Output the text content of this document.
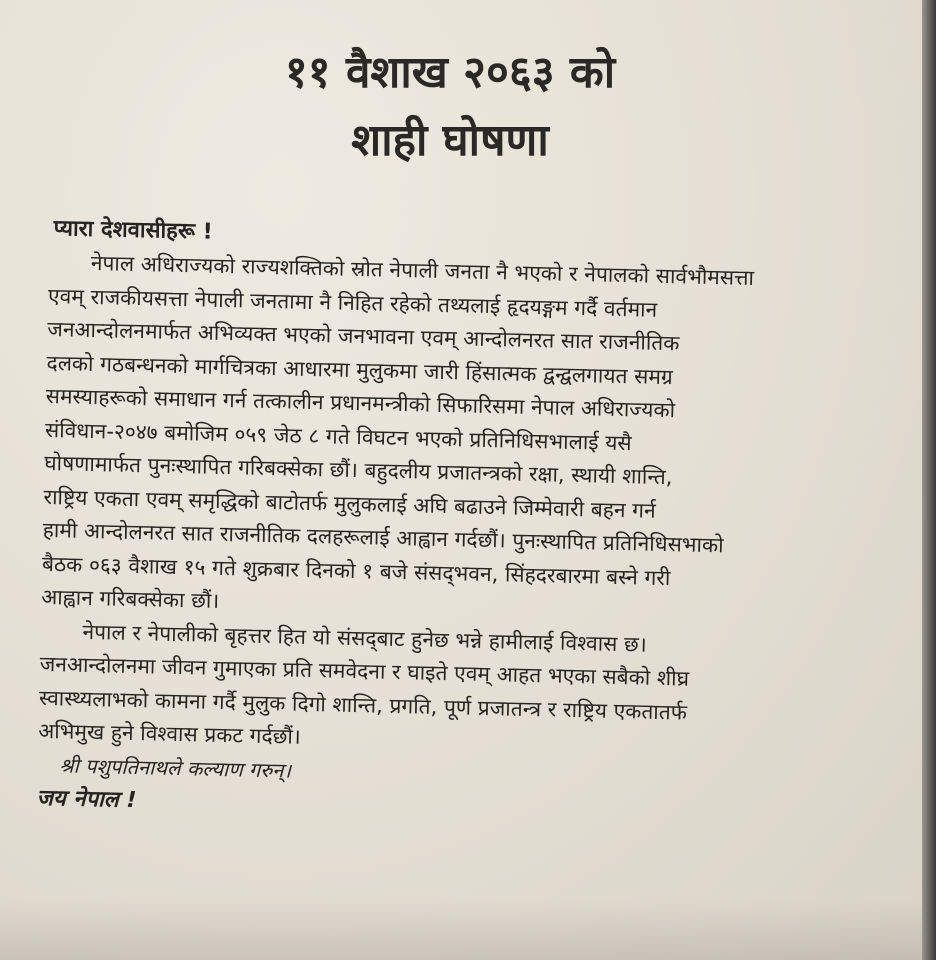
११ वैशाख २०६३ को
शाही घोषणा

प्यारा देशवासीहरू !

नेपाल अधिराज्यको राज्यशक्तिको स्रोत नेपाली जनता नै भएको र नेपालको सार्वभौमसत्ता

एवम् राजकीयसत्ता नेपाली जनतामा नै निहित रहेको तथ्यलाई हृदयङ्गम गर्दै वर्तमान

जनआन्दोलनमार्फत अभिव्यक्त भएको जनभावना एवम् आन्दोलनरत सात राजनीतिक

दलको गठबन्धनको मार्गचित्रका आधारमा मुलुकमा जारी हिंसात्मक द्वन्द्वलगायत समग्र

समस्याहरूको समाधान गर्न तत्कालीन प्रधानमन्त्रीको सिफारिसमा नेपाल अधिराज्यको

संविधान-२०४७ बमोजिम ०५९ जेठ ८ गते विघटन भएको प्रतिनिधिसभालाई यसै

घोषणामार्फत पुनःस्थापित गरिबक्सेका छौं। बहुदलीय प्रजातन्त्रको रक्षा, स्थायी शान्ति,

राष्ट्रिय एकता एवम् समृद्धिको बाटोतर्फ मुलुकलाई अघि बढाउने जिम्मेवारी बहन गर्न

हामी आन्दोलनरत सात राजनीतिक दलहरूलाई आह्वान गर्दछौं। पुनःस्थापित प्रतिनिधिसभाको

बैठक ०६३ वैशाख १५ गते शुक्रबार दिनको १ बजे संसद्‌भवन, सिंहदरबारमा बस्ने गरी

आह्वान गरिबक्सेका छौं।

नेपाल र नेपालीको बृहत्तर हित यो संसद्‌बाट हुनेछ भन्ने हामीलाई विश्वास छ।

जनआन्दोलनमा जीवन गुमाएका प्रति समवेदना र घाइते एवम् आहत भएका सबैको शीघ्र

स्वास्थ्यलाभको कामना गर्दै मुलुक दिगो शान्ति, प्रगति, पूर्ण प्रजातन्त्र र राष्ट्रिय एकतातर्फ

अभिमुख हुने विश्वास प्रकट गर्दछौं।

श्री पशुपतिनाथले कल्याण गरुन्।

जय नेपाल !
